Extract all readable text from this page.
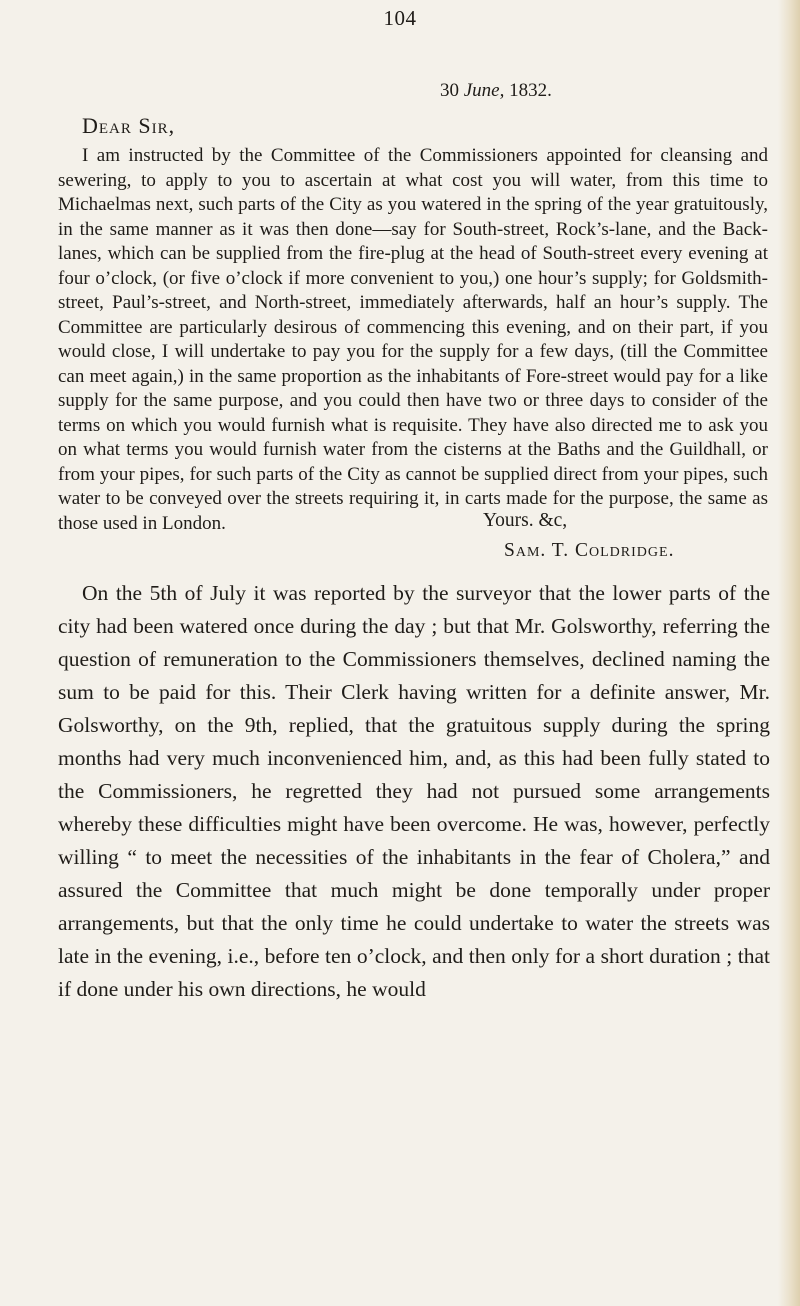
104
30 June, 1832.
Dear Sir,

I am instructed by the Committee of the Commissioners appointed for cleansing and sewering, to apply to you to ascertain at what cost you will water, from this time to Michaelmas next, such parts of the City as you watered in the spring of the year gratuitously, in the same manner as it was then done—say for South-street, Rock’s-lane, and the Back-lanes, which can be supplied from the fire-plug at the head of South-street every evening at four o’clock, (or five o’clock if more convenient to you,) one hour’s supply; for Goldsmith-street, Paul’s-street, and North-street, immediately afterwards, half an hour’s supply. The Committee are particularly desirous of commencing this evening, and on their part, if you would close, I will undertake to pay you for the supply for a few days, (till the Committee can meet again,) in the same proportion as the inhabitants of Fore-street would pay for a like supply for the same purpose, and you could then have two or three days to consider of the terms on which you would furnish what is requisite. They have also directed me to ask you on what terms you would furnish water from the cisterns at the Baths and the Guildhall, or from your pipes, for such parts of the City as cannot be supplied direct from your pipes, such water to be conveyed over the streets requiring it, in carts made for the purpose, the same as those used in London.	Yours. &c,
Sam. T. Coldridge.

On the 5th of July it was reported by the surveyor that the lower parts of the city had been watered once during the day ; but that Mr. Golsworthy, referring the question of remuneration to the Commissioners themselves, declined naming the sum to be paid for this. Their Clerk having written for a definite answer, Mr. Golsworthy, on the 9th, replied, that the gratuitous supply during the spring months had very much inconvenienced him, and, as this had been fully stated to the Commissioners, he regretted they had not pursued some arrangements whereby these difficulties might have been overcome. He was, however, perfectly willing “ to meet the necessities of the inhabitants in the fear of Cholera,” and assured the Committee that much might be done temporally under proper arrangements, but that the only time he could undertake to water the streets was late in the evening, i.e., before ten o’clock, and then only for a short duration ; that if done under his own directions, he would
